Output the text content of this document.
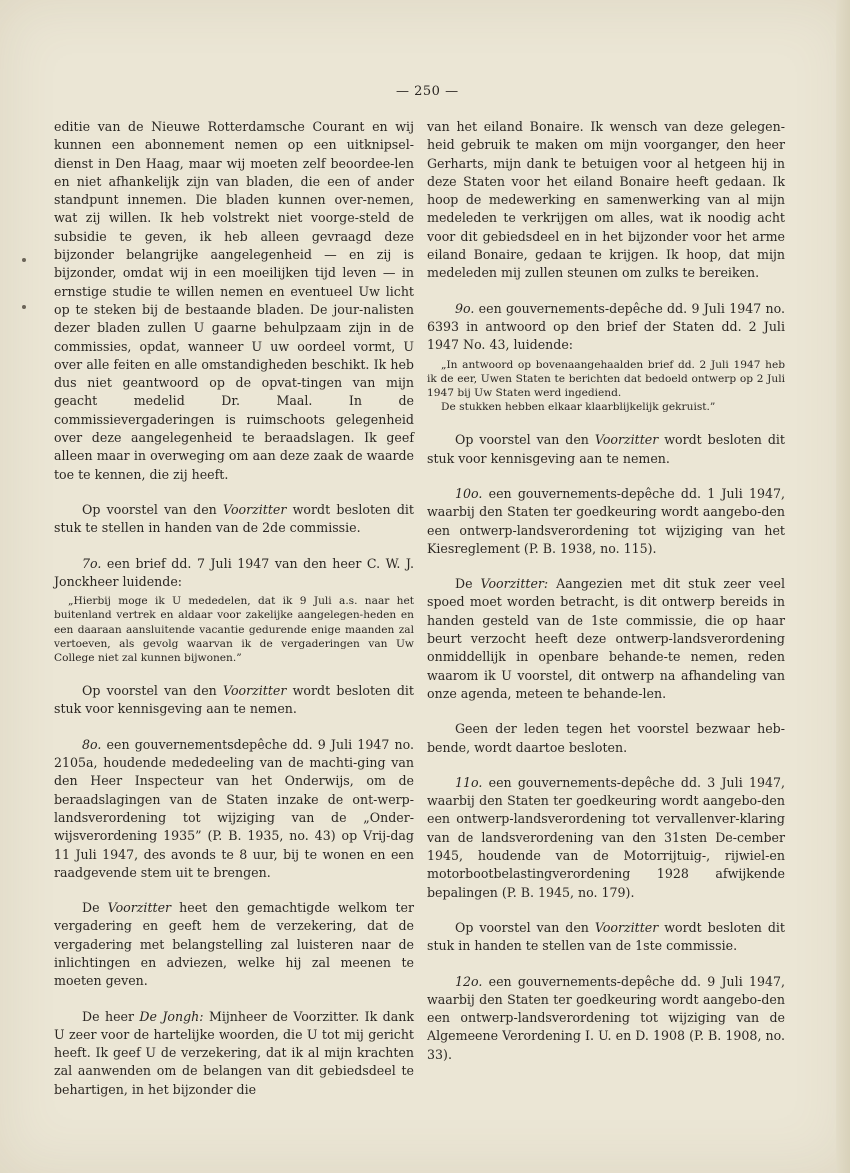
— 250 —

editie van de Nieuwe Rotterdamsche Courant en wij kunnen een abonnement nemen op een uitknipsel-dienst in Den Haag, maar wij moeten zelf beoordee-len en niet afhankelijk zijn van bladen, die een of ander standpunt innemen. Die bladen kunnen over-nemen, wat zij willen. Ik heb volstrekt niet voorge-steld de subsidie te geven, ik heb alleen gevraagd deze bijzonder belangrijke aangelegenheid — en zij is bijzonder, omdat wij in een moeilijken tijd leven — in ernstige studie te willen nemen en eventueel Uw licht op te steken bij de bestaande bladen. De jour-nalisten dezer bladen zullen U gaarne behulpzaam zijn in de commissies, opdat, wanneer U uw oordeel vormt, U over alle feiten en alle omstandigheden beschikt. Ik heb dus niet geantwoord op de opvat-tingen van mijn geacht medelid Dr. Maal. In de commissievergaderingen is ruimschoots gelegenheid over deze aangelegenheid te beraadslagen. Ik geef alleen maar in overweging om aan deze zaak de waarde toe te kennen, die zij heeft.

Op voorstel van den Voorzitter wordt besloten dit stuk te stellen in handen van de 2de commissie.

7o. een brief dd. 7 Juli 1947 van den heer C. W. J. Jonckheer luidende:

„Hierbij moge ik U mededelen, dat ik 9 Juli a.s. naar het buitenland vertrek en aldaar voor zakelijke aangelegen-heden en een daaraan aansluitende vacantie gedurende enige maanden zal vertoeven, als gevolg waarvan ik de vergaderingen van Uw College niet zal kunnen bijwonen.”

Op voorstel van den Voorzitter wordt besloten dit stuk voor kennisgeving aan te nemen.

8o. een gouvernementsdepêche dd. 9 Juli 1947 no. 2105a, houdende mededeeling van de machti-ging van den Heer Inspecteur van het Onderwijs, om de beraadslagingen van de Staten inzake de ont-werp-landsverordening tot wijziging van de „Onder-wijsverordening 1935” (P. B. 1935, no. 43) op Vrij-dag 11 Juli 1947, des avonds te 8 uur, bij te wonen en een raadgevende stem uit te brengen.

De Voorzitter heet den gemachtigde welkom ter vergadering en geeft hem de verzekering, dat de vergadering met belangstelling zal luisteren naar de inlichtingen en adviezen, welke hij zal meenen te moeten geven.

De heer De Jongh: Mijnheer de Voorzitter. Ik dank U zeer voor de hartelijke woorden, die U tot mij gericht heeft. Ik geef U de verzekering, dat ik al mijn krachten zal aanwenden om de belangen van dit gebiedsdeel te behartigen, in het bijzonder die

van het eiland Bonaire. Ik wensch van deze gelegen-heid gebruik te maken om mijn voorganger, den heer Gerharts, mijn dank te betuigen voor al hetgeen hij in deze Staten voor het eiland Bonaire heeft gedaan. Ik hoop de medewerking en samenwerking van al mijn medeleden te verkrijgen om alles, wat ik noodig acht voor dit gebiedsdeel en in het bijzonder voor het arme eiland Bonaire, gedaan te krijgen. Ik hoop, dat mijn medeleden mij zullen steunen om zulks te bereiken.

9o. een gouvernements-depêche dd. 9 Juli 1947 no. 6393 in antwoord op den brief der Staten dd. 2 Juli 1947 No. 43, luidende:

„In antwoord op bovenaangehaalden brief dd. 2 Juli 1947 heb ik de eer, Uwen Staten te berichten dat bedoeld ontwerp op 2 Juli 1947 bij Uw Staten werd ingediend.
De stukken hebben elkaar klaarblijkelijk gekruist.”

Op voorstel van den Voorzitter wordt besloten dit stuk voor kennisgeving aan te nemen.

10o. een gouvernements-depêche dd. 1 Juli 1947, waarbij den Staten ter goedkeuring wordt aangebo-den een ontwerp-landsverordening tot wijziging van het Kiesreglement (P. B. 1938, no. 115).

De Voorzitter: Aangezien met dit stuk zeer veel spoed moet worden betracht, is dit ontwerp bereids in handen gesteld van de 1ste commissie, die op haar beurt verzocht heeft deze ontwerp-landsverordening onmiddellijk in openbare behande-te nemen, reden waarom ik U voorstel, dit ontwerp na afhandeling van onze agenda, meteen te behande-len.

Geen der leden tegen het voorstel bezwaar heb-bende, wordt daartoe besloten.

11o. een gouvernements-depêche dd. 3 Juli 1947, waarbij den Staten ter goedkeuring wordt aangebo-den een ontwerp-landsverordening tot vervallenver-klaring van de landsverordening van den 31sten De-cember 1945, houdende van de Motorrijtuig-, rijwiel-en motorbootbelastingverordening 1928 afwijkende bepalingen (P. B. 1945, no. 179).

Op voorstel van den Voorzitter wordt besloten dit stuk in handen te stellen van de 1ste commissie.

12o. een gouvernements-depêche dd. 9 Juli 1947, waarbij den Staten ter goedkeuring wordt aangebo-den een ontwerp-landsverordening tot wijziging van de Algemeene Verordening I. U. en D. 1908 (P. B. 1908, no. 33).
